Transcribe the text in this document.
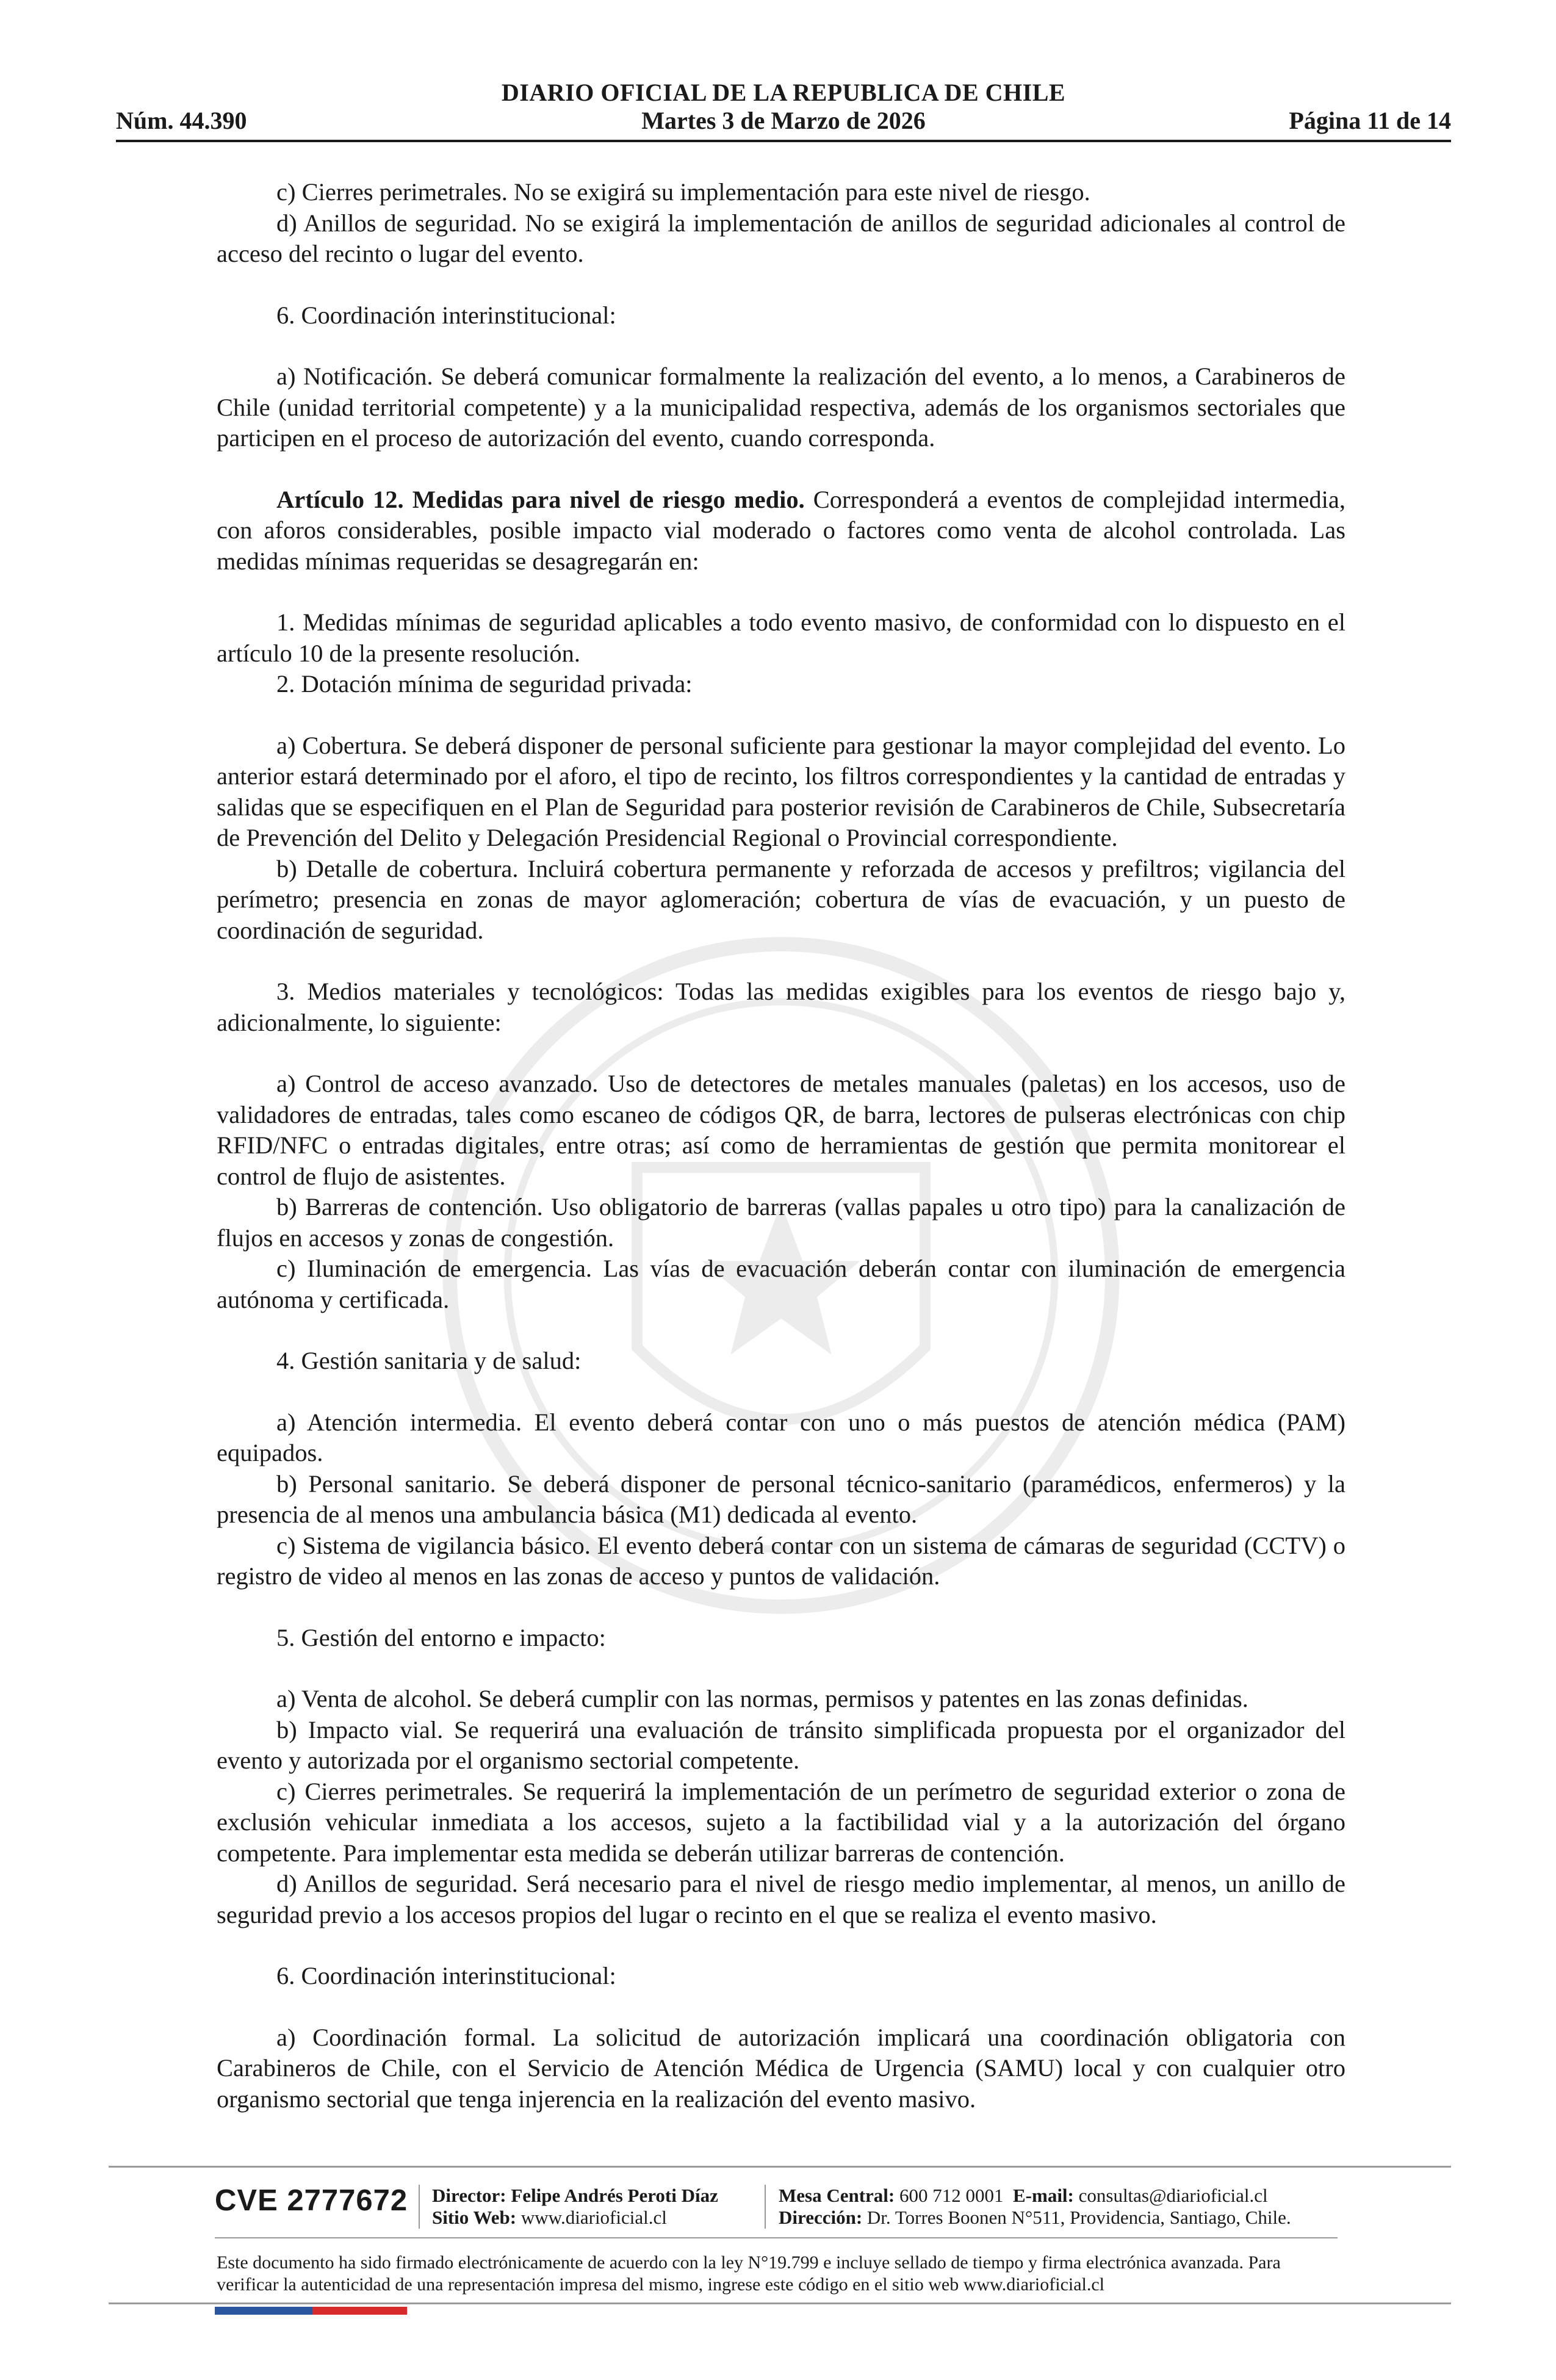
DIARIO OFICIAL DE LA REPUBLICA DE CHILE
Núm. 44.390	Martes 3 de Marzo de 2026	Página 11 de 14

c) Cierres perimetrales. No se exigirá su implementación para este nivel de riesgo.

d) Anillos de seguridad. No se exigirá la implementación de anillos de seguridad adicionales al control de acceso del recinto o lugar del evento.

6. Coordinación interinstitucional:

a) Notificación. Se deberá comunicar formalmente la realización del evento, a lo menos, a Carabineros de Chile (unidad territorial competente) y a la municipalidad respectiva, además de los organismos sectoriales que participen en el proceso de autorización del evento, cuando corresponda.

Artículo 12. Medidas para nivel de riesgo medio. Corresponderá a eventos de complejidad intermedia, con aforos considerables, posible impacto vial moderado o factores como venta de alcohol controlada. Las medidas mínimas requeridas se desagregarán en:

1. Medidas mínimas de seguridad aplicables a todo evento masivo, de conformidad con lo dispuesto en el artículo 10 de la presente resolución.

2. Dotación mínima de seguridad privada:

a) Cobertura. Se deberá disponer de personal suficiente para gestionar la mayor complejidad del evento. Lo anterior estará determinado por el aforo, el tipo de recinto, los filtros correspondientes y la cantidad de entradas y salidas que se especifiquen en el Plan de Seguridad para posterior revisión de Carabineros de Chile, Subsecretaría de Prevención del Delito y Delegación Presidencial Regional o Provincial correspondiente.

b) Detalle de cobertura. Incluirá cobertura permanente y reforzada de accesos y prefiltros; vigilancia del perímetro; presencia en zonas de mayor aglomeración; cobertura de vías de evacuación, y un puesto de coordinación de seguridad.

3. Medios materiales y tecnológicos: Todas las medidas exigibles para los eventos de riesgo bajo y, adicionalmente, lo siguiente:

a) Control de acceso avanzado. Uso de detectores de metales manuales (paletas) en los accesos, uso de validadores de entradas, tales como escaneo de códigos QR, de barra, lectores de pulseras electrónicas con chip RFID/NFC o entradas digitales, entre otras; así como de herramientas de gestión que permita monitorear el control de flujo de asistentes.

b) Barreras de contención. Uso obligatorio de barreras (vallas papales u otro tipo) para la canalización de flujos en accesos y zonas de congestión.

c) Iluminación de emergencia. Las vías de evacuación deberán contar con iluminación de emergencia autónoma y certificada.

4. Gestión sanitaria y de salud:

a) Atención intermedia. El evento deberá contar con uno o más puestos de atención médica (PAM) equipados.

b) Personal sanitario. Se deberá disponer de personal técnico-sanitario (paramédicos, enfermeros) y la presencia de al menos una ambulancia básica (M1) dedicada al evento.

c) Sistema de vigilancia básico. El evento deberá contar con un sistema de cámaras de seguridad (CCTV) o registro de video al menos en las zonas de acceso y puntos de validación.

5. Gestión del entorno e impacto:

a) Venta de alcohol. Se deberá cumplir con las normas, permisos y patentes en las zonas definidas.

b) Impacto vial. Se requerirá una evaluación de tránsito simplificada propuesta por el organizador del evento y autorizada por el organismo sectorial competente.

c) Cierres perimetrales. Se requerirá la implementación de un perímetro de seguridad exterior o zona de exclusión vehicular inmediata a los accesos, sujeto a la factibilidad vial y a la autorización del órgano competente. Para implementar esta medida se deberán utilizar barreras de contención.

d) Anillos de seguridad. Será necesario para el nivel de riesgo medio implementar, al menos, un anillo de seguridad previo a los accesos propios del lugar o recinto en el que se realiza el evento masivo.

6. Coordinación interinstitucional:

a) Coordinación formal. La solicitud de autorización implicará una coordinación obligatoria con Carabineros de Chile, con el Servicio de Atención Médica de Urgencia (SAMU) local y con cualquier otro organismo sectorial que tenga injerencia en la realización del evento masivo.

CVE 2777672 Director: Felipe Andrés Peroti Díaz
Sitio Web: www.diarioficial.cl
Mesa Central: 600 712 0001 E-mail: consultas@diarioficial.cl
Dirección: Dr. Torres Boonen N°511, Providencia, Santiago, Chile.
Este documento ha sido firmado electrónicamente de acuerdo con la ley N°19.799 e incluye sellado de tiempo y firma electrónica avanzada. Para verificar la autenticidad de una representación impresa del mismo, ingrese este código en el sitio web www.diarioficial.cl
